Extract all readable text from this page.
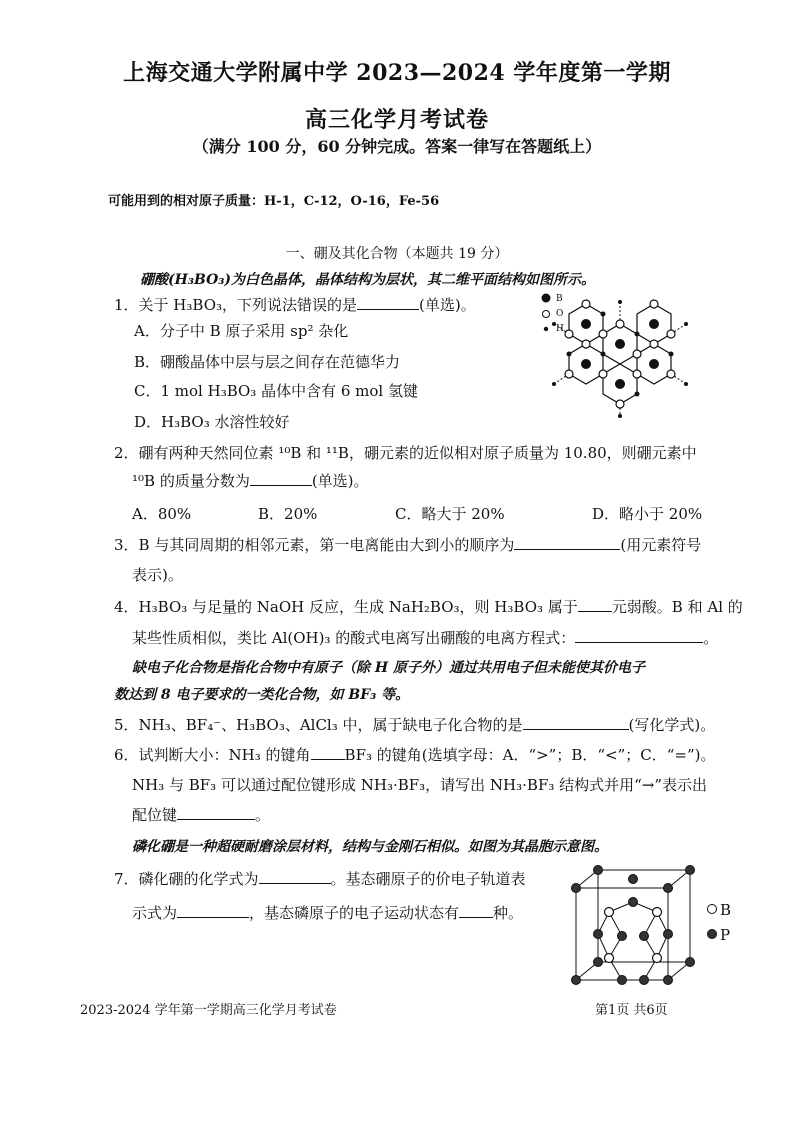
上海交通大学附属中学 2023—2024 学年度第一学期
高三化学月考试卷
（满分 100 分，60 分钟完成。答案一律写在答题纸上）
可能用到的相对原子质量：H-1，C-12，O-16，Fe-56
一、硼及其化合物（本题共 19 分）
硼酸(H₃BO₃)为白色晶体，晶体结构为层状，其二维平面结构如图所示。
1．关于 H₃BO₃，下列说法错误的是	(单选)。
A．分子中 B 原子采用 sp² 杂化
B．硼酸晶体中层与层之间存在范德华力
C．1 mol H₃BO₃ 晶体中含有 6 mol 氢键
D．H₃BO₃ 水溶性较好
B
O
H
2．硼有两种天然同位素 ¹⁰B 和 ¹¹B，硼元素的近似相对原子质量为 10.80，则硼元素中
¹⁰B 的质量分数为	(单选)。
A．80%	B．20%	C．略大于 20%	D．略小于 20%
3．B 与其同周期的相邻元素，第一电离能由大到小的顺序为	(用元素符号
表示)。
4．H₃BO₃ 与足量的 NaOH 反应，生成 NaH₂BO₃，则 H₃BO₃ 属于 元弱酸。B 和 Al 的
某些性质相似，类比 Al(OH)₃ 的酸式电离写出硼酸的电离方程式：	。
缺电子化合物是指化合物中有原子（除 H 原子外）通过共用电子但未能使其价电子
数达到 8 电子要求的一类化合物，如 BF₃ 等。
5．NH₃、BF₄⁻、H₃BO₃、AlCl₃ 中，属于缺电子化合物的是	(写化学式)。
6．试判断大小：NH₃ 的键角 BF₃ 的键角(选填字母：A．“>”；B．“<”；C．“=”)。
NH₃ 与 BF₃ 可以通过配位键形成 NH₃·BF₃，请写出 NH₃·BF₃ 结构式并用“→”表示出
配位键	。
磷化硼是一种超硬耐磨涂层材料，结构与金刚石相似。如图为其晶胞示意图。
7．磷化硼的化学式为	。基态硼原子的价电子轨道表
示式为	，基态磷原子的电子运动状态有 种。	B
P
2023-2024 学年第一学期高三化学月考试卷	第1页 共6页
